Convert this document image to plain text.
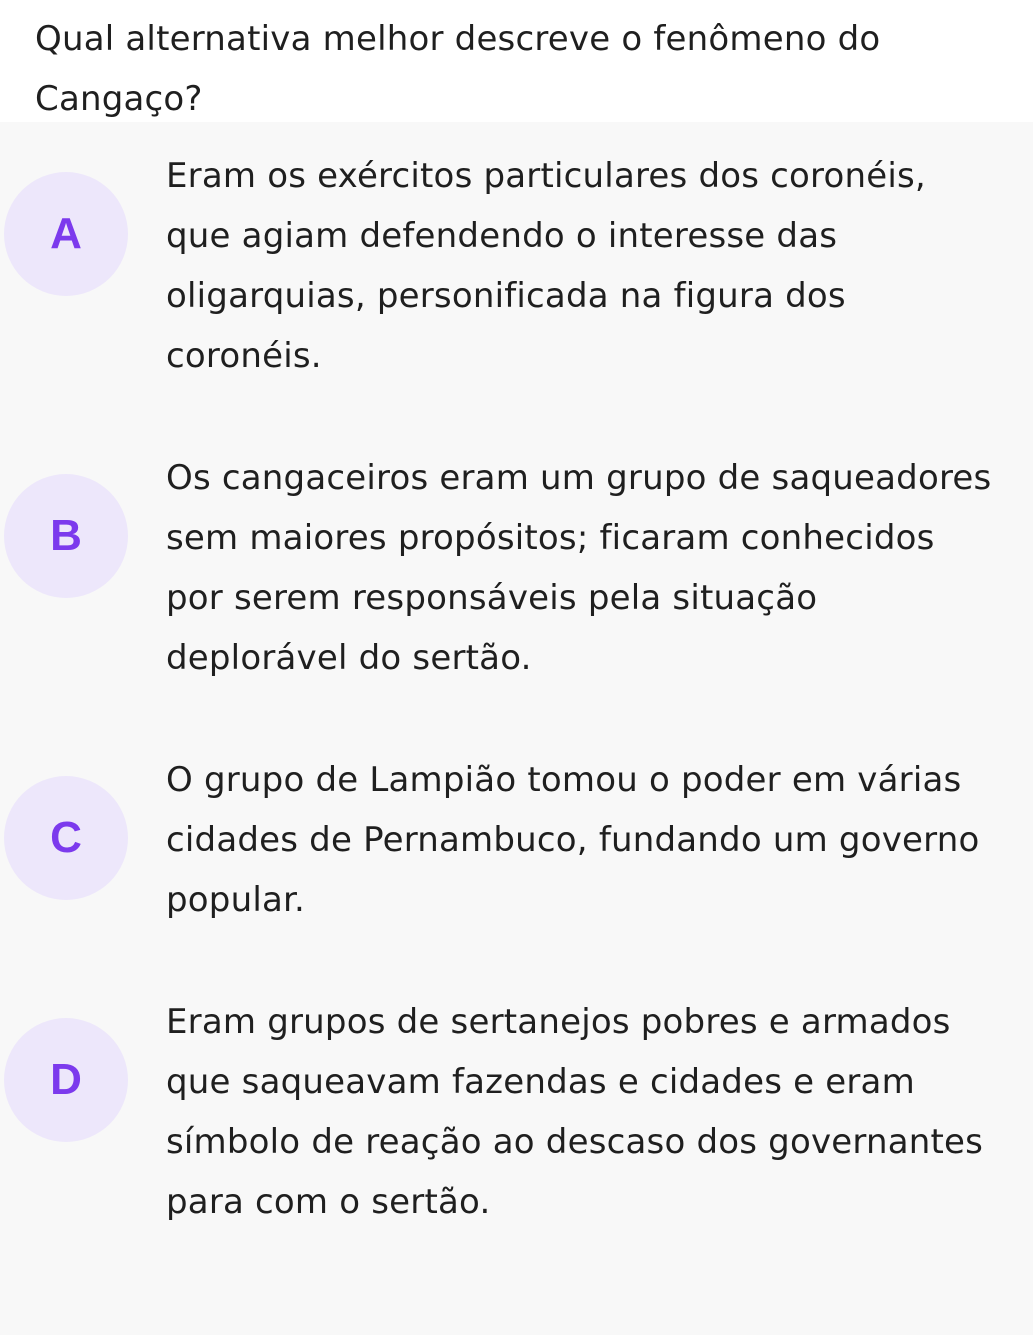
Qual alternativa melhor descreve o fenômeno do Cangaço?
A
Eram os exércitos particulares dos coronéis, que agiam defendendo o interesse das oligarquias, personificada na figura dos coronéis.
B
Os cangaceiros eram um grupo de saqueadores sem maiores propósitos; ficaram conhecidos por serem responsáveis pela situação deplorável do sertão.
C
O grupo de Lampião tomou o poder em várias cidades de Pernambuco, fundando um governo popular.
D
Eram grupos de sertanejos pobres e armados que saqueavam fazendas e cidades e eram símbolo de reação ao descaso dos governantes para com o sertão.
